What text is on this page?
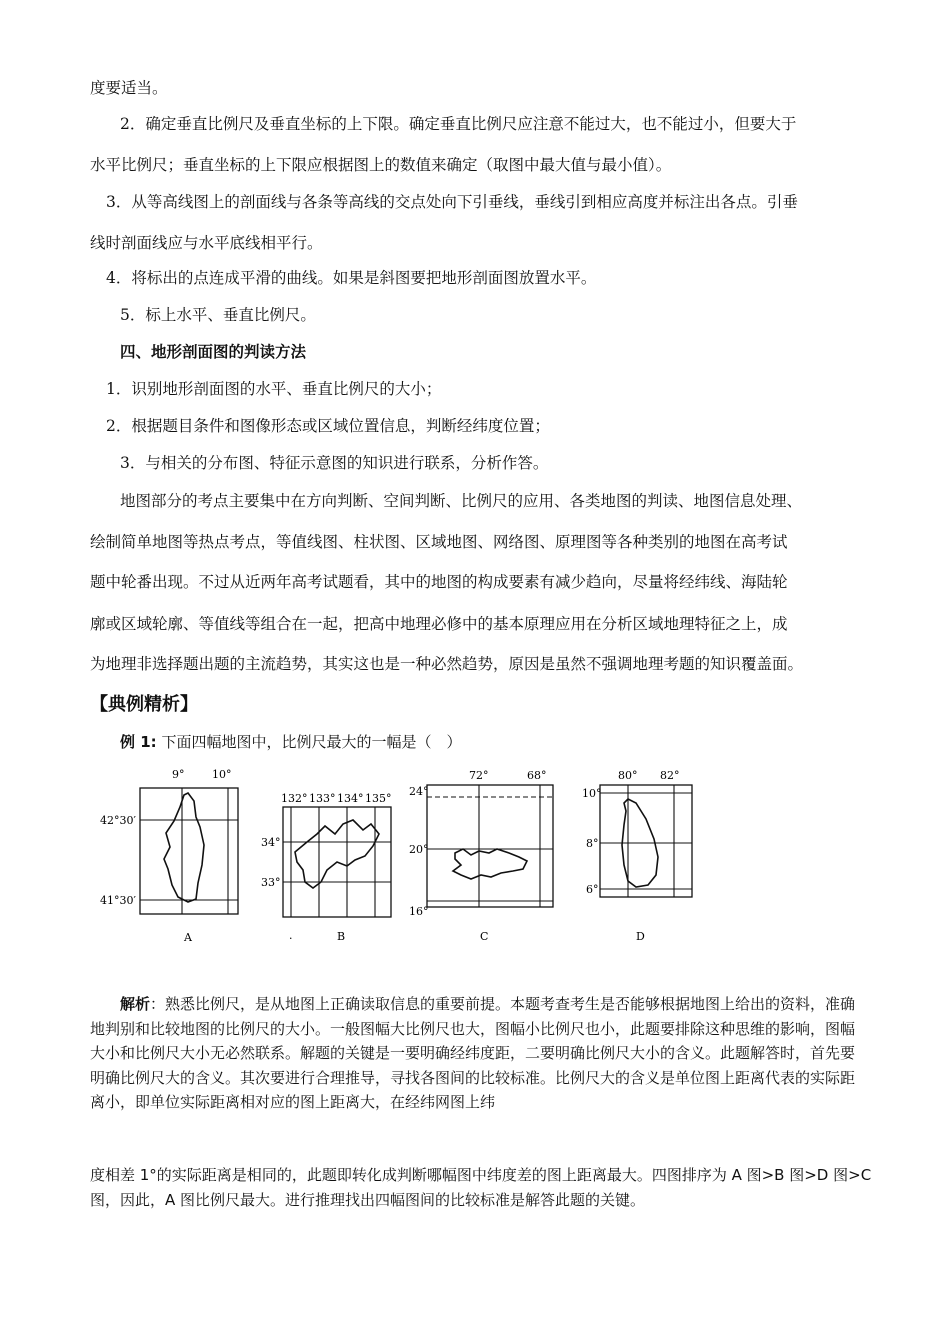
度要适当。
2．确定垂直比例尺及垂直坐标的上下限。确定垂直比例尺应注意不能过大，也不能过小，但要大于
水平比例尺；垂直坐标的上下限应根据图上的数值来确定（取图中最大值与最小值）。
3．从等高线图上的剖面线与各条等高线的交点处向下引垂线，垂线引到相应高度并标注出各点。引垂
线时剖面线应与水平底线相平行。
4．将标出的点连成平滑的曲线。如果是斜图要把地形剖面图放置水平。
5．标上水平、垂直比例尺。
四、地形剖面图的判读方法
1．识别地形剖面图的水平、垂直比例尺的大小；
2．根据题目条件和图像形态或区域位置信息，判断经纬度位置；
3．与相关的分布图、特征示意图的知识进行联系，分析作答。
地图部分的考点主要集中在方向判断、空间判断、比例尺的应用、各类地图的判读、地图信息处理、
绘制简单地图等热点考点，等值线图、柱状图、区域地图、网络图、原理图等各种类别的地图在高考试
题中轮番出现。不过从近两年高考试题看，其中的地图的构成要素有减少趋向，尽量将经纬线、海陆轮
廓或区域轮廓、等值线等组合在一起，把高中地理必修中的基本原理应用在分析区域地理特征之上，成
为地理非选择题出题的主流趋势，其实这也是一种必然趋势，原因是虽然不强调地理考题的知识覆盖面。
【典例精析】
例 1: 下面四幅地图中，比例尺最大的一幅是（　）
9°	10°
42°30′
41°30′
A
132° 133° 134° 135°
34°
33°
·	B
72°	68°
24°
20°
16°
C
80° 82°
10°
8°
6°
D
解析：熟悉比例尺，是从地图上正确读取信息的重要前提。本题考查考生是否能够根据地图上给出的资料，准确地判别和比较地图的比例尺的大小。一般图幅大比例尺也大，图幅小比例尺也小，此题要排除这种思维的影响，图幅大小和比例尺大小无必然联系。解题的关键是一要明确经纬度距，二要明确比例尺大小的含义。此题解答时，首先要明确比例尺大的含义。其次要进行合理推导，寻找各图间的比较标准。比例尺大的含义是单位图上距离代表的实际距离小，即单位实际距离相对应的图上距离大，在经纬网图上纬
度相差 1°的实际距离是相同的，此题即转化成判断哪幅图中纬度差的图上距离最大。四图排序为 A 图>B 图>D 图>C 图，因此，A 图比例尺最大。进行推理找出四幅图间的比较标准是解答此题的关键。
